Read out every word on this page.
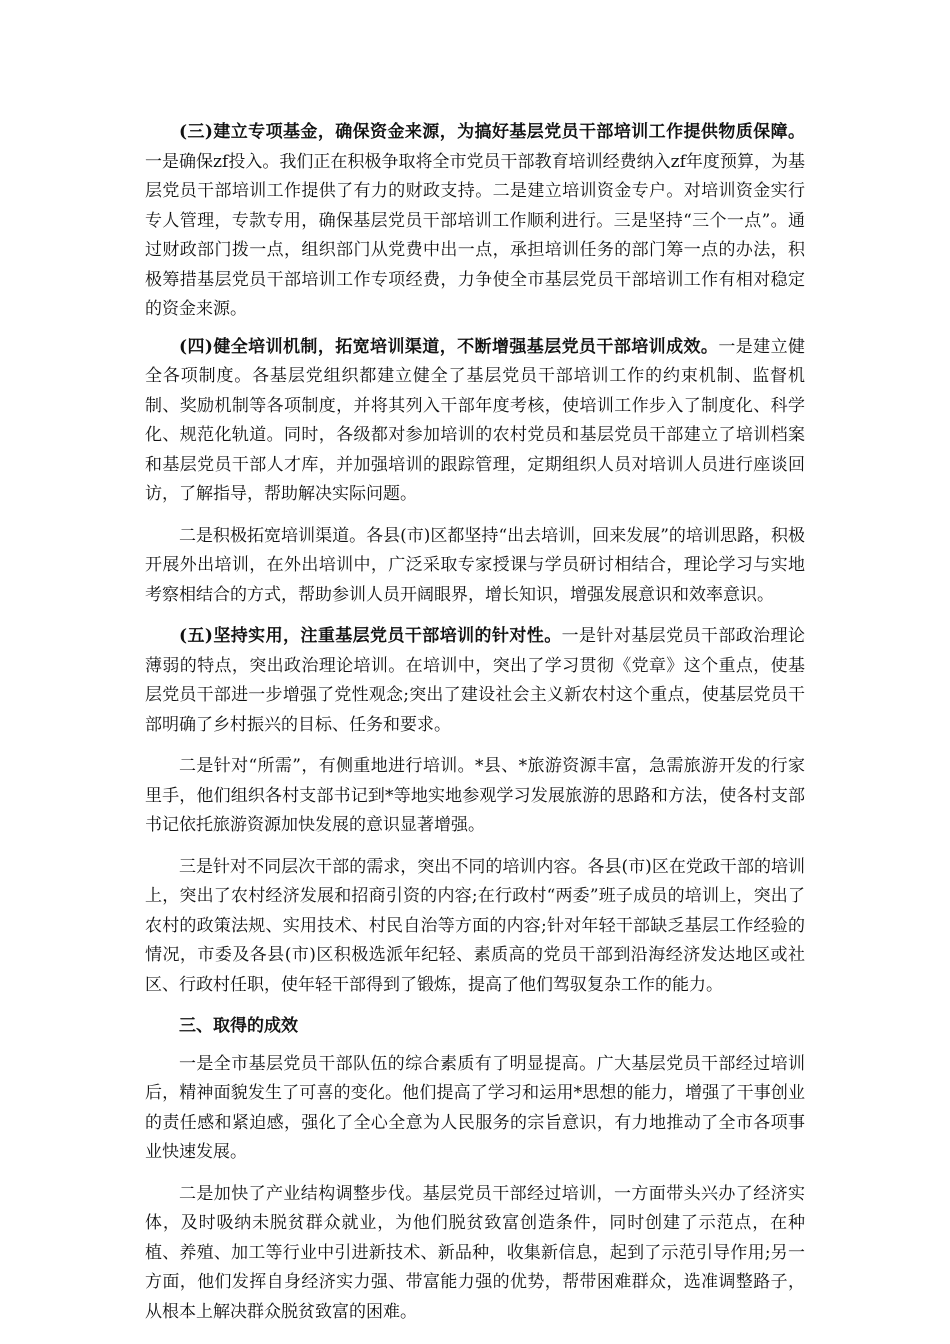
(三)建立专项基金，确保资金来源，为搞好基层党员干部培训工作提供物质保障。一是确保zf投入。我们正在积极争取将全市党员干部教育培训经费纳入zf年度预算，为基层党员干部培训工作提供了有力的财政支持。二是建立培训资金专户。对培训资金实行专人管理，专款专用，确保基层党员干部培训工作顺利进行。三是坚持“三个一点”。通过财政部门拨一点，组织部门从党费中出一点，承担培训任务的部门筹一点的办法，积极筹措基层党员干部培训工作专项经费，力争使全市基层党员干部培训工作有相对稳定的资金来源。

(四)健全培训机制，拓宽培训渠道，不断增强基层党员干部培训成效。一是建立健全各项制度。各基层党组织都建立健全了基层党员干部培训工作的约束机制、监督机制、奖励机制等各项制度，并将其列入干部年度考核，使培训工作步入了制度化、科学化、规范化轨道。同时，各级都对参加培训的农村党员和基层党员干部建立了培训档案和基层党员干部人才库，并加强培训的跟踪管理，定期组织人员对培训人员进行座谈回访，了解指导，帮助解决实际问题。

二是积极拓宽培训渠道。各县(市)区都坚持“出去培训，回来发展”的培训思路，积极开展外出培训，在外出培训中，广泛采取专家授课与学员研讨相结合，理论学习与实地考察相结合的方式，帮助参训人员开阔眼界，增长知识，增强发展意识和效率意识。

(五)坚持实用，注重基层党员干部培训的针对性。一是针对基层党员干部政治理论薄弱的特点，突出政治理论培训。在培训中，突出了学习贯彻《党章》这个重点，使基层党员干部进一步增强了党性观念;突出了建设社会主义新农村这个重点，使基层党员干部明确了乡村振兴的目标、任务和要求。

二是针对“所需”，有侧重地进行培训。*县、*旅游资源丰富，急需旅游开发的行家里手，他们组织各村支部书记到*等地实地参观学习发展旅游的思路和方法，使各村支部书记依托旅游资源加快发展的意识显著增强。

三是针对不同层次干部的需求，突出不同的培训内容。各县(市)区在党政干部的培训上，突出了农村经济发展和招商引资的内容;在行政村“两委”班子成员的培训上，突出了农村的政策法规、实用技术、村民自治等方面的内容;针对年轻干部缺乏基层工作经验的情况，市委及各县(市)区积极选派年纪轻、素质高的党员干部到沿海经济发达地区或社区、行政村任职，使年轻干部得到了锻炼，提高了他们驾驭复杂工作的能力。

三、取得的成效

一是全市基层党员干部队伍的综合素质有了明显提高。广大基层党员干部经过培训后，精神面貌发生了可喜的变化。他们提高了学习和运用*思想的能力，增强了干事创业的责任感和紧迫感，强化了全心全意为人民服务的宗旨意识，有力地推动了全市各项事业快速发展。

二是加快了产业结构调整步伐。基层党员干部经过培训，一方面带头兴办了经济实体，及时吸纳未脱贫群众就业，为他们脱贫致富创造条件，同时创建了示范点，在种植、养殖、加工等行业中引进新技术、新品种，收集新信息，起到了示范引导作用;另一方面，他们发挥自身经济实力强、带富能力强的优势，帮带困难群众，选准调整路子，从根本上解决群众脱贫致富的困难。
